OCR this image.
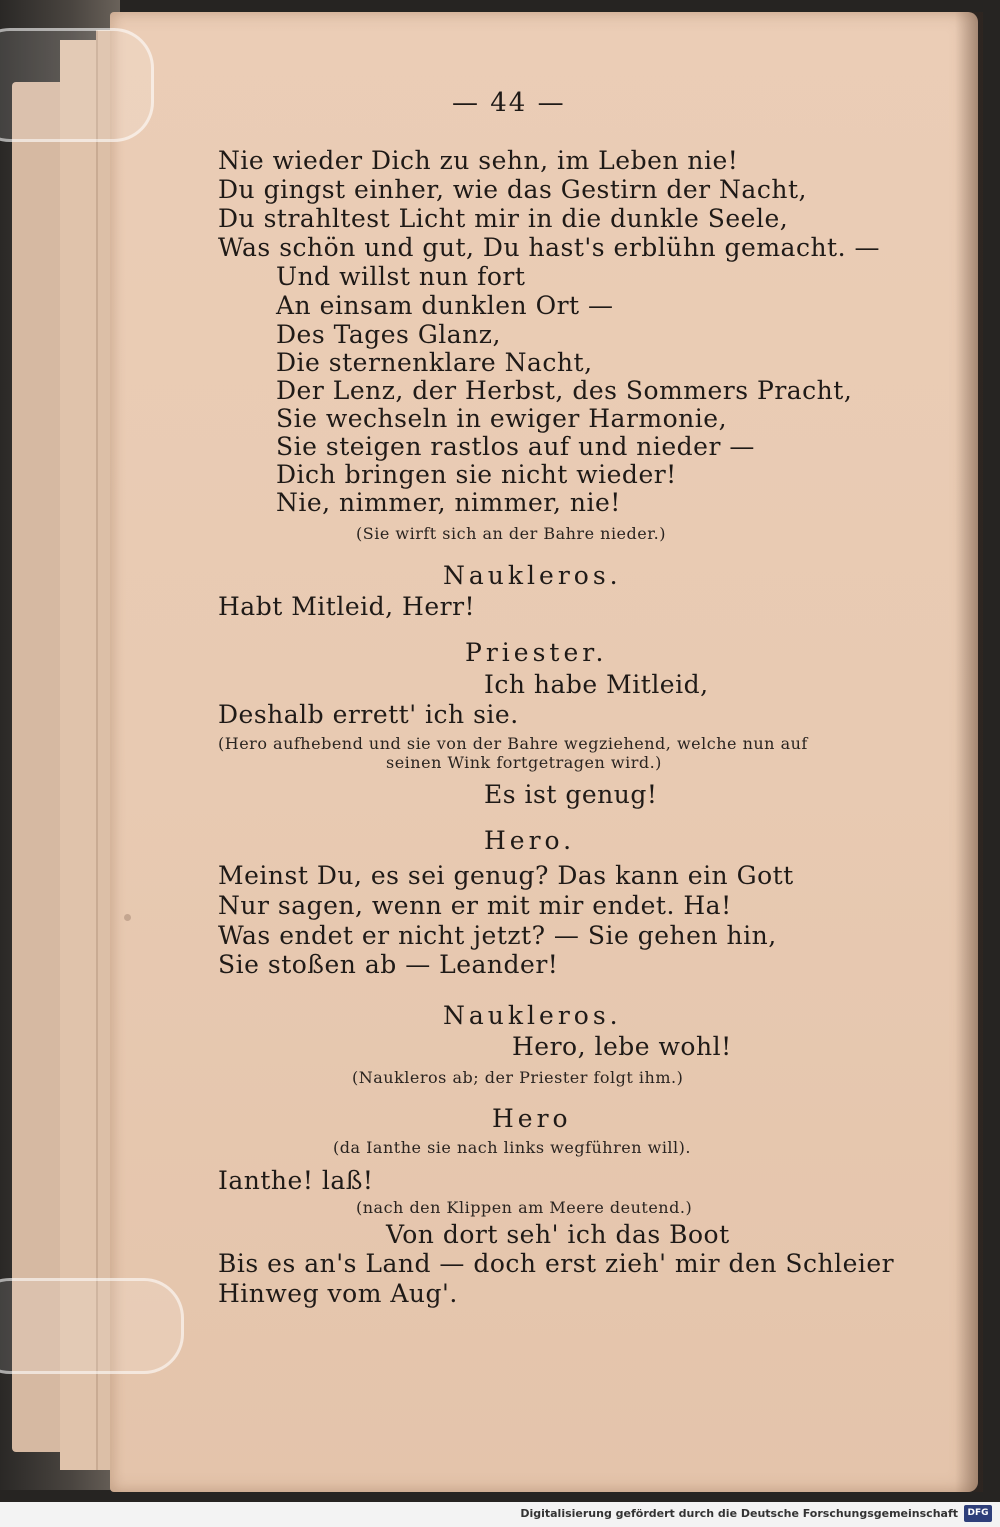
— 44 —
Nie wieder Dich zu sehn, im Leben nie!
Du gingst einher, wie das Gestirn der Nacht,
Du strahltest Licht mir in die dunkle Seele,
Was schön und gut, Du hast's erblühn gemacht. —
Und willst nun fort
An einsam dunklen Ort —
Des Tages Glanz,
Die sternenklare Nacht,
Der Lenz, der Herbst, des Sommers Pracht,
Sie wechseln in ewiger Harmonie,
Sie steigen rastlos auf und nieder —
Dich bringen sie nicht wieder!
Nie, nimmer, nimmer, nie!
(Sie wirft sich an der Bahre nieder.)
Naukleros.
Habt Mitleid, Herr!
Priester.
Ich habe Mitleid,
Deshalb errett' ich sie.
(Hero aufhebend und sie von der Bahre wegziehend, welche nun auf
seinen Wink fortgetragen wird.)
Es ist genug!
Hero.
Meinst Du, es sei genug? Das kann ein Gott
Nur sagen, wenn er mit mir endet. Ha!
Was endet er nicht jetzt? — Sie gehen hin,
Sie stoßen ab — Leander!
Naukleros.
Hero, lebe wohl!
(Naukleros ab; der Priester folgt ihm.)
Hero
(da Ianthe sie nach links wegführen will).
Ianthe! laß!
(nach den Klippen am Meere deutend.)
Von dort seh' ich das Boot
Bis es an's Land — doch erst zieh' mir den Schleier
Hinweg vom Aug'.
Digitalisierung gefördert durch die Deutsche Forschungsgemeinschaft	DFG
